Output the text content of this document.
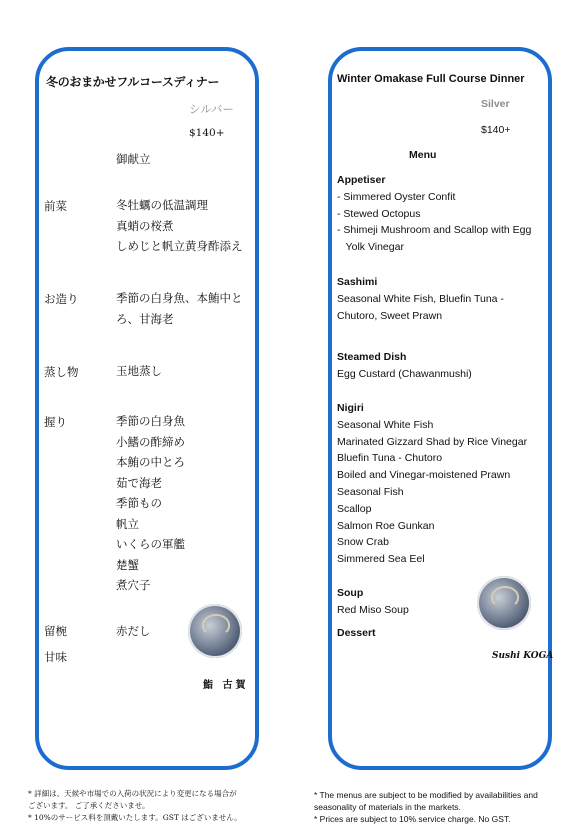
冬のおまかせフルコースディナー
シルバー
$140+
御献立
前菜	冬牡蠣の低温調理
真蛸の桜煮
しめじと帆立黄身酢添え
お造り	季節の白身魚、本鮪中と
ろ、甘海老
蒸し物	玉地蒸し
握り	季節の白身魚
小鰭の酢締め
本鮪の中とろ
茹で海老
季節もの
帆立
いくらの軍艦
楚蟹
煮穴子
留椀	赤だし
甘味
鮨 古賀
Winter Omakase Full Course Dinner
Silver
$140+
Menu
Appetiser
- Simmered Oyster Confit
- Stewed Octopus
- Shimeji Mushroom and Scallop with Egg
Yolk Vinegar
Sashimi
Seasonal White Fish, Bluefin Tuna -
Chutoro, Sweet Prawn
Steamed Dish
Egg Custard (Chawanmushi)
Nigiri
Seasonal White Fish
Marinated Gizzard Shad by Rice Vinegar
Bluefin Tuna - Chutoro
Boiled and Vinegar-moistened Prawn
Seasonal Fish
Scallop
Salmon Roe Gunkan
Snow Crab
Simmered Sea Eel
Soup
Red Miso Soup
Dessert
Sushi KOGA
* 詳細は、天候や市場での入荷の状況により変更になる場合が
ございます。 ご了承くださいませ。
* 10%のサービス料を頂戴いたします。GST はございません。
* The menus are subject to be modified by availabilities and
seasonality of materials in the markets.
* Prices are subject to 10% service charge. No GST.
